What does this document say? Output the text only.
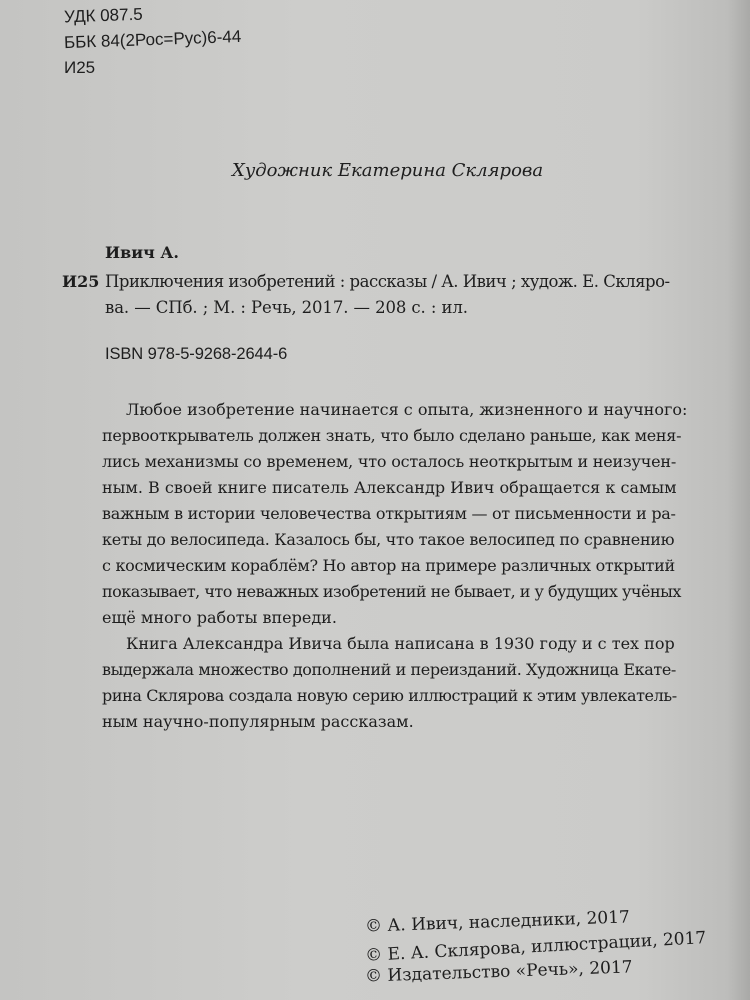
УДК 087.5
ББК 84(2Рос=Рус)6-44
И25
Художник Екатерина Склярова
Ивич А.
И25 Приключения изобретений : рассказы / А. Ивич ; худож. Е. Скляро-
ва. — СПб. ; М. : Речь, 2017. — 208 с. : ил.
ISBN 978-5-9268-2644-6
Любое изобретение начинается с опыта, жизненного и научного:
первооткрыватель должен знать, что было сделано раньше, как меня-
лись механизмы со временем, что осталось неоткрытым и неизучен-
ным. В своей книге писатель Александр Ивич обращается к самым
важным в истории человечества открытиям — от письменности и ра-
кеты до велосипеда. Казалось бы, что такое велосипед по сравнению
с космическим кораблём? Но автор на примере различных открытий
показывает, что неважных изобретений не бывает, и у будущих учёных
ещё много работы впереди.
Книга Александра Ивича была написана в 1930 году и с тех пор
выдержала множество дополнений и переизданий. Художница Екате-
рина Склярова создала новую серию иллюстраций к этим увлекатель-
ным научно-популярным рассказам.
© А. Ивич, наследники, 2017
© Е. А. Склярова, иллюстрации, 2017
© Издательство «Речь», 2017
